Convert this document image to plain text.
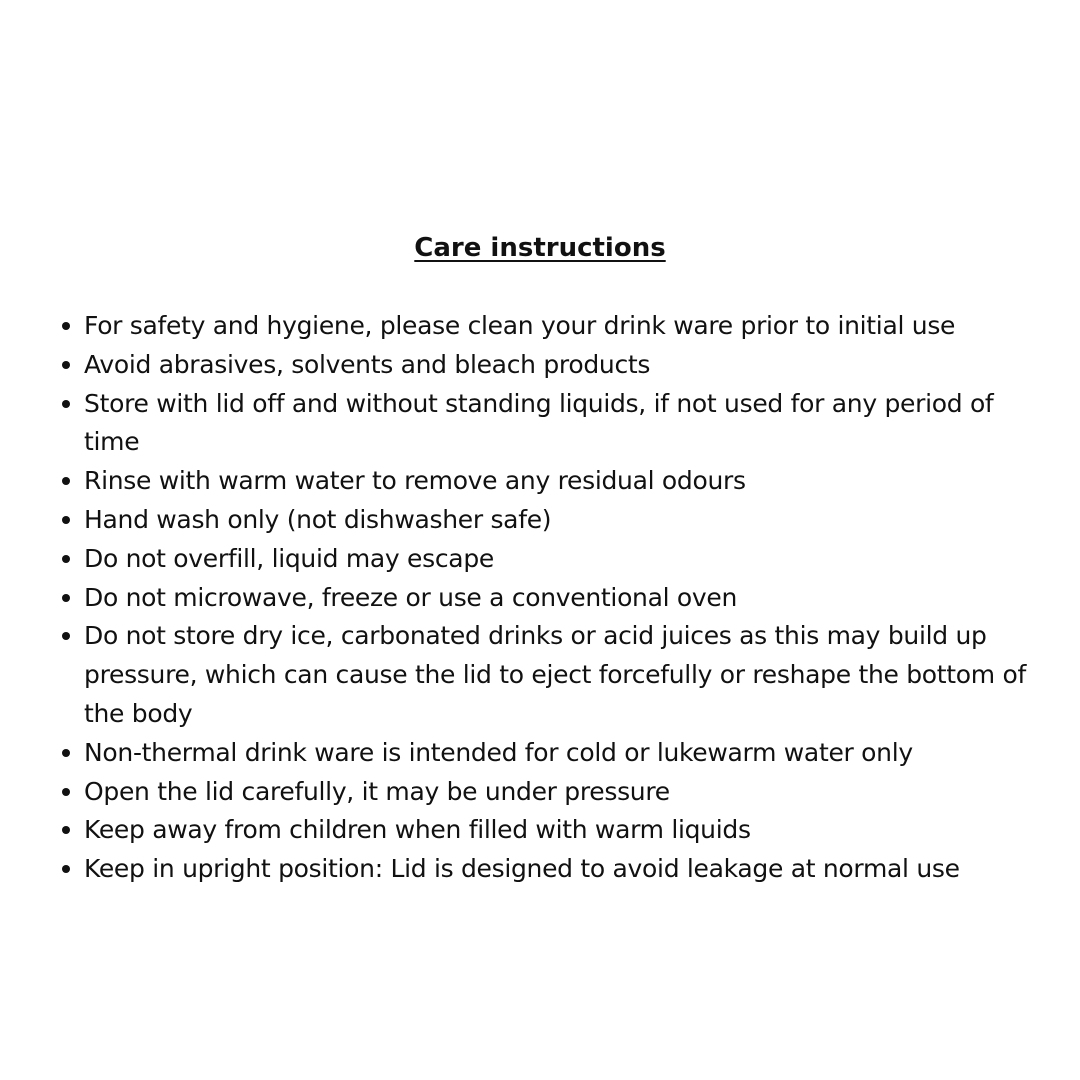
Care instructions
For safety and hygiene, please clean your drink ware prior to initial use
Avoid abrasives, solvents and bleach products
Store with lid off and without standing liquids, if not used for any period of time
Rinse with warm water to remove any residual odours
Hand wash only (not dishwasher safe)
Do not overfill, liquid may escape
Do not microwave, freeze or use a conventional oven
Do not store dry ice, carbonated drinks or acid juices as this may build up pressure, which can cause the lid to eject forcefully or reshape the bottom of the body
Non-thermal drink ware is intended for cold or lukewarm water only
Open the lid carefully, it may be under pressure
Keep away from children when filled with warm liquids
Keep in upright position: Lid is designed to avoid leakage at normal use
